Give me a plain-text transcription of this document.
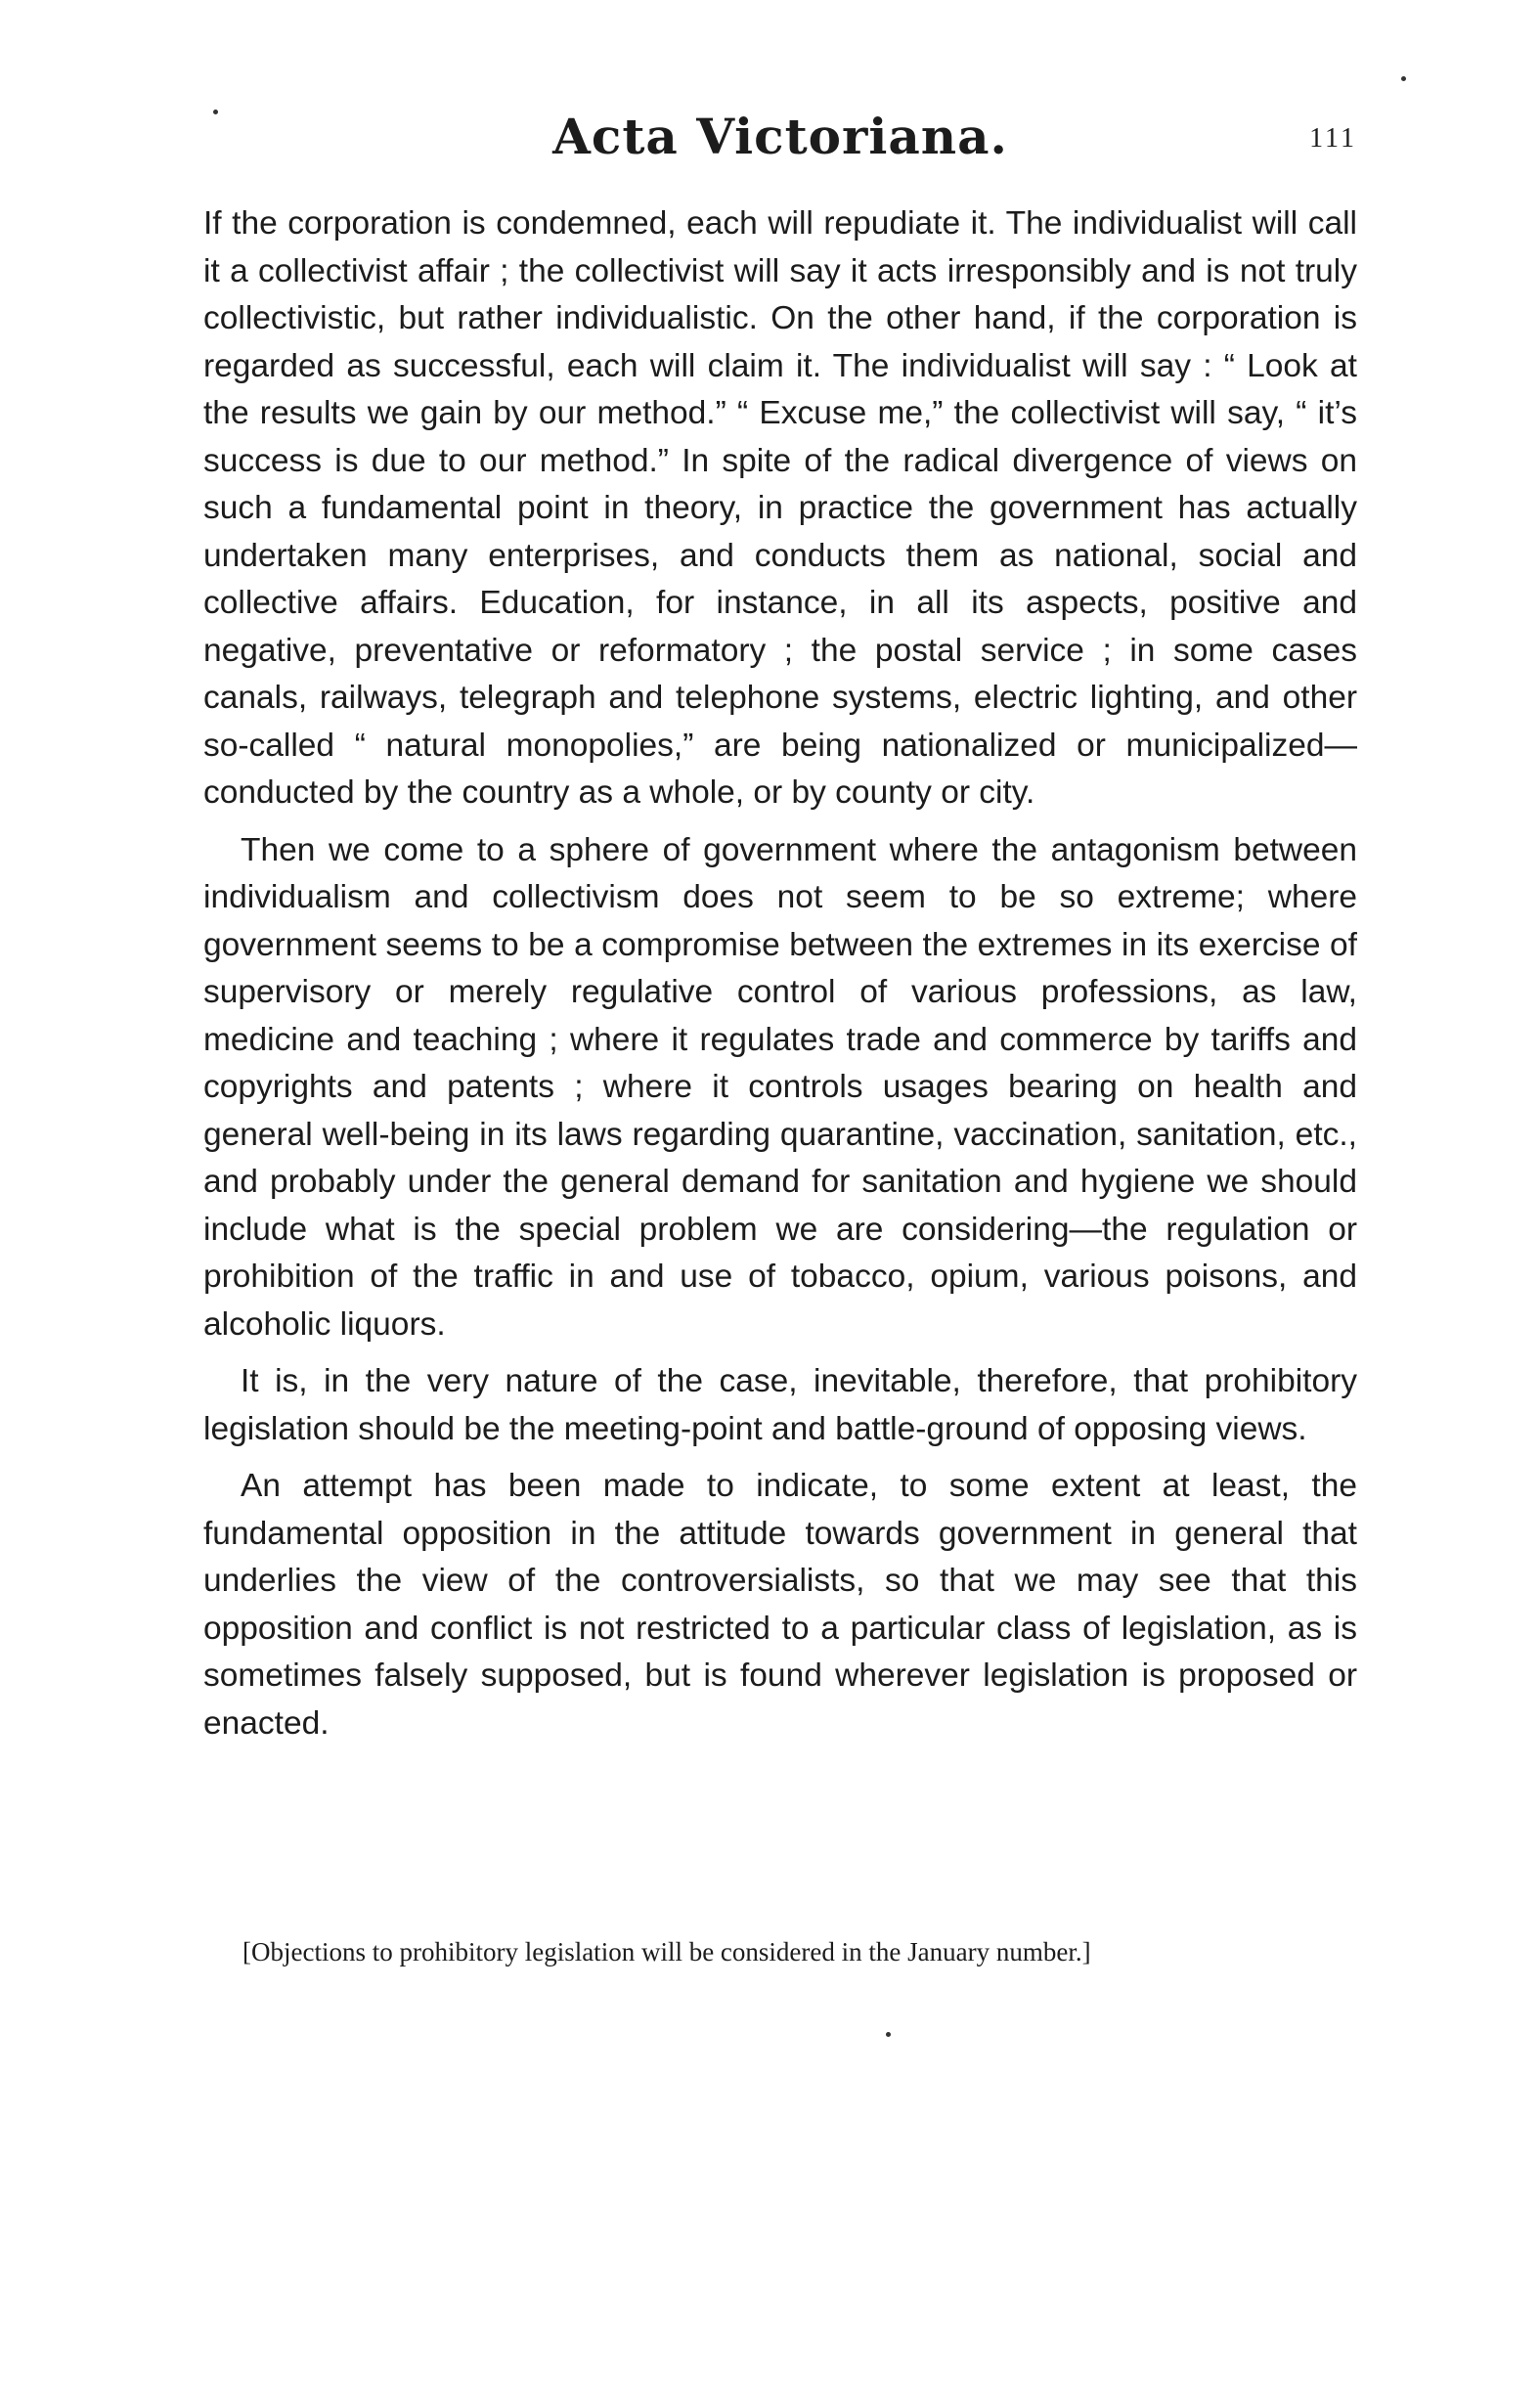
Acta Victoriana.	111

If the corporation is condemned, each will repudiate it. The individualist will call it a collectivist affair ; the collectivist will say it acts irresponsibly and is not truly collectivistic, but rather individualistic. On the other hand, if the corporation is regarded as successful, each will claim it. The individualist will say : “ Look at the results we gain by our method.” “ Excuse me,” the collectivist will say, “ it’s success is due to our method.” In spite of the radical divergence of views on such a fundamental point in theory, in practice the government has actually undertaken many enterprises, and conducts them as national, social and collective affairs. Education, for instance, in all its aspects, positive and negative, preventative or reformatory ; the postal service ; in some cases canals, railways, telegraph and telephone systems, electric lighting, and other so-called “ natural monopolies,” are being nationalized or municipalized—conducted by the country as a whole, or by county or city.

Then we come to a sphere of government where the antagonism between individualism and collectivism does not seem to be so extreme; where government seems to be a compromise between the extremes in its exercise of supervisory or merely regulative control of various professions, as law, medicine and teaching ; where it regulates trade and commerce by tariffs and copyrights and patents ; where it controls usages bearing on health and general well-being in its laws regarding quarantine, vaccination, sanitation, etc., and probably under the general demand for sanitation and hygiene we should include what is the special problem we are considering—the regulation or prohibition of the traffic in and use of tobacco, opium, various poisons, and alcoholic liquors.

It is, in the very nature of the case, inevitable, therefore, that prohibitory legislation should be the meeting-point and battle-ground of opposing views.

An attempt has been made to indicate, to some extent at least, the fundamental opposition in the attitude towards government in general that underlies the view of the controversialists, so that we may see that this opposition and conflict is not restricted to a particular class of legislation, as is sometimes falsely supposed, but is found wherever legislation is proposed or enacted.

[Objections to prohibitory legislation will be considered in the January number.]
